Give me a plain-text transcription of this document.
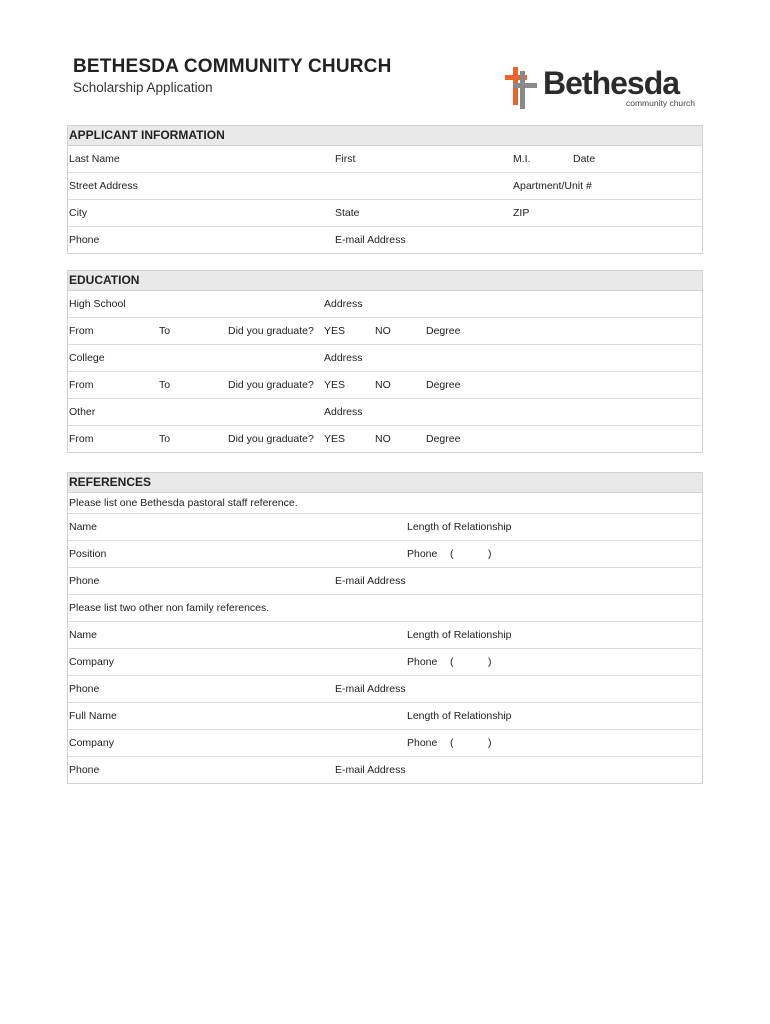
BETHESDA COMMUNITY CHURCH
Scholarship Application	Bethesda
community church
APPLICANT INFORMATION
Last Name	First	M.I.	Date
Street Address	Apartment/Unit #
City	State	ZIP
Phone	E-mail Address
EDUCATION
High School	Address
From	To	Did you graduate? YES	NO	Degree
College	Address
From	To	Did you graduate? YES	NO	Degree
Other	Address
From	To	Did you graduate? YES	NO	Degree
REFERENCES
Please list one Bethesda pastoral staff reference.
Name	Length of Relationship
Position	Phone (	)
Phone	E-mail Address
Please list two other non family references.
Name	Length of Relationship
Company	Phone (	)
Phone	E-mail Address
Full Name	Length of Relationship
Company	Phone (	)
Phone	E-mail Address
